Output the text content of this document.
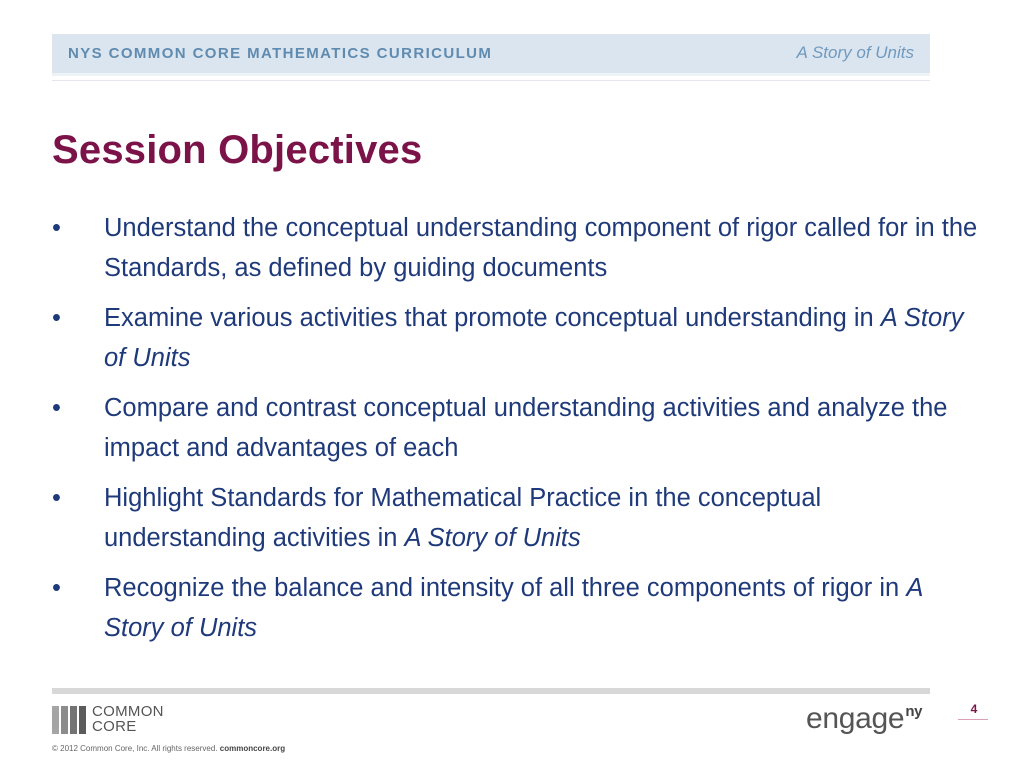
NYS COMMON CORE MATHEMATICS CURRICULUM	A Story of Units
Session Objectives
• Understand the conceptual understanding component of rigor called for in the Standards, as defined by guiding documents
• Examine various activities that promote conceptual understanding in A Story of Units
• Compare and contrast conceptual understanding activities and analyze the impact and advantages of each
• Highlight Standards for Mathematical Practice in the conceptual understanding activities in A Story of Units
• Recognize the balance and intensity of all three components of rigor in A Story of Units
COMMON
CORE
© 2012 Common Core, Inc. All rights reserved. commoncore.org
engage$^{ny}$	4
